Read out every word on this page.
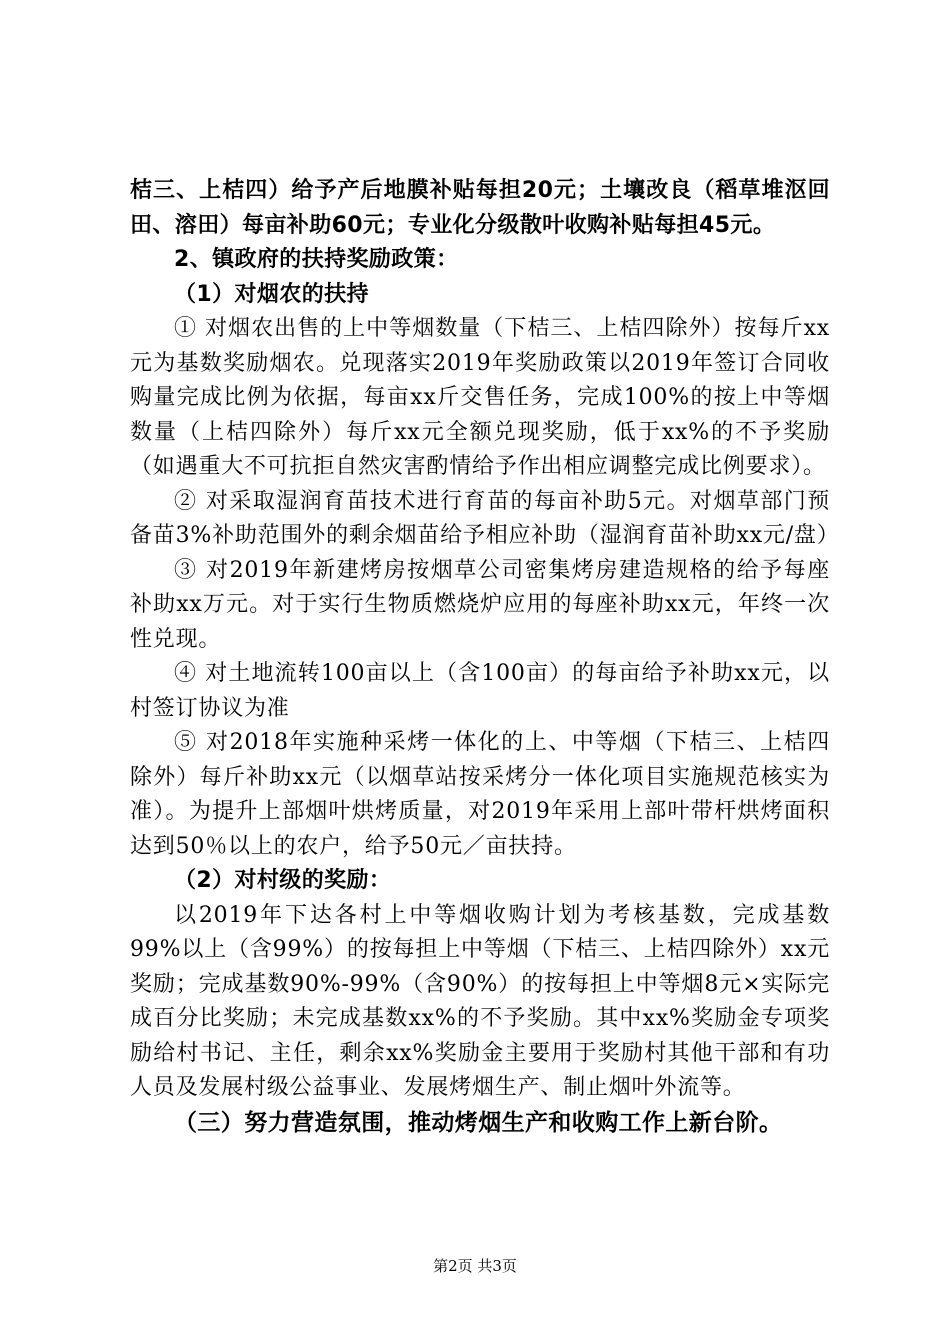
桔三、上桔四）给予产后地膜补贴每担20元；土壤改良（稻草堆沤回田、溶田）每亩补助60元；专业化分级散叶收购补贴每担45元。

2、镇政府的扶持奖励政策：

（1）对烟农的扶持

① 对烟农出售的上中等烟数量（下桔三、上桔四除外）按每斤xx元为基数奖励烟农。兑现落实2019年奖励政策以2019年签订合同收购量完成比例为依据，每亩xx斤交售任务，完成100%的按上中等烟数量（上桔四除外）每斤xx元全额兑现奖励，低于xx%的不予奖励（如遇重大不可抗拒自然灾害酌情给予作出相应调整完成比例要求）。

② 对采取湿润育苗技术进行育苗的每亩补助5元。对烟草部门预备苗3%补助范围外的剩余烟苗给予相应补助（湿润育苗补助xx元/盘）

③ 对2019年新建烤房按烟草公司密集烤房建造规格的给予每座补助xx万元。对于实行生物质燃烧炉应用的每座补助xx元，年终一次性兑现。

④ 对土地流转100亩以上（含100亩）的每亩给予补助xx元，以村签订协议为准

⑤ 对2018年实施种采烤一体化的上、中等烟（下桔三、上桔四除外）每斤补助xx元（以烟草站按采烤分一体化项目实施规范核实为准）。为提升上部烟叶烘烤质量，对2019年采用上部叶带杆烘烤面积达到50％以上的农户，给予50元／亩扶持。

（2）对村级的奖励：

以2019年下达各村上中等烟收购计划为考核基数，完成基数99%以上（含99%）的按每担上中等烟（下桔三、上桔四除外）xx元奖励；完成基数90%-99%（含90%）的按每担上中等烟8元×实际完成百分比奖励；未完成基数xx%的不予奖励。其中xx%奖励金专项奖励给村书记、主任，剩余xx%奖励金主要用于奖励村其他干部和有功人员及发展村级公益事业、发展烤烟生产、制止烟叶外流等。

（三）努力营造氛围，推动烤烟生产和收购工作上新台阶。

第2页 共3页
